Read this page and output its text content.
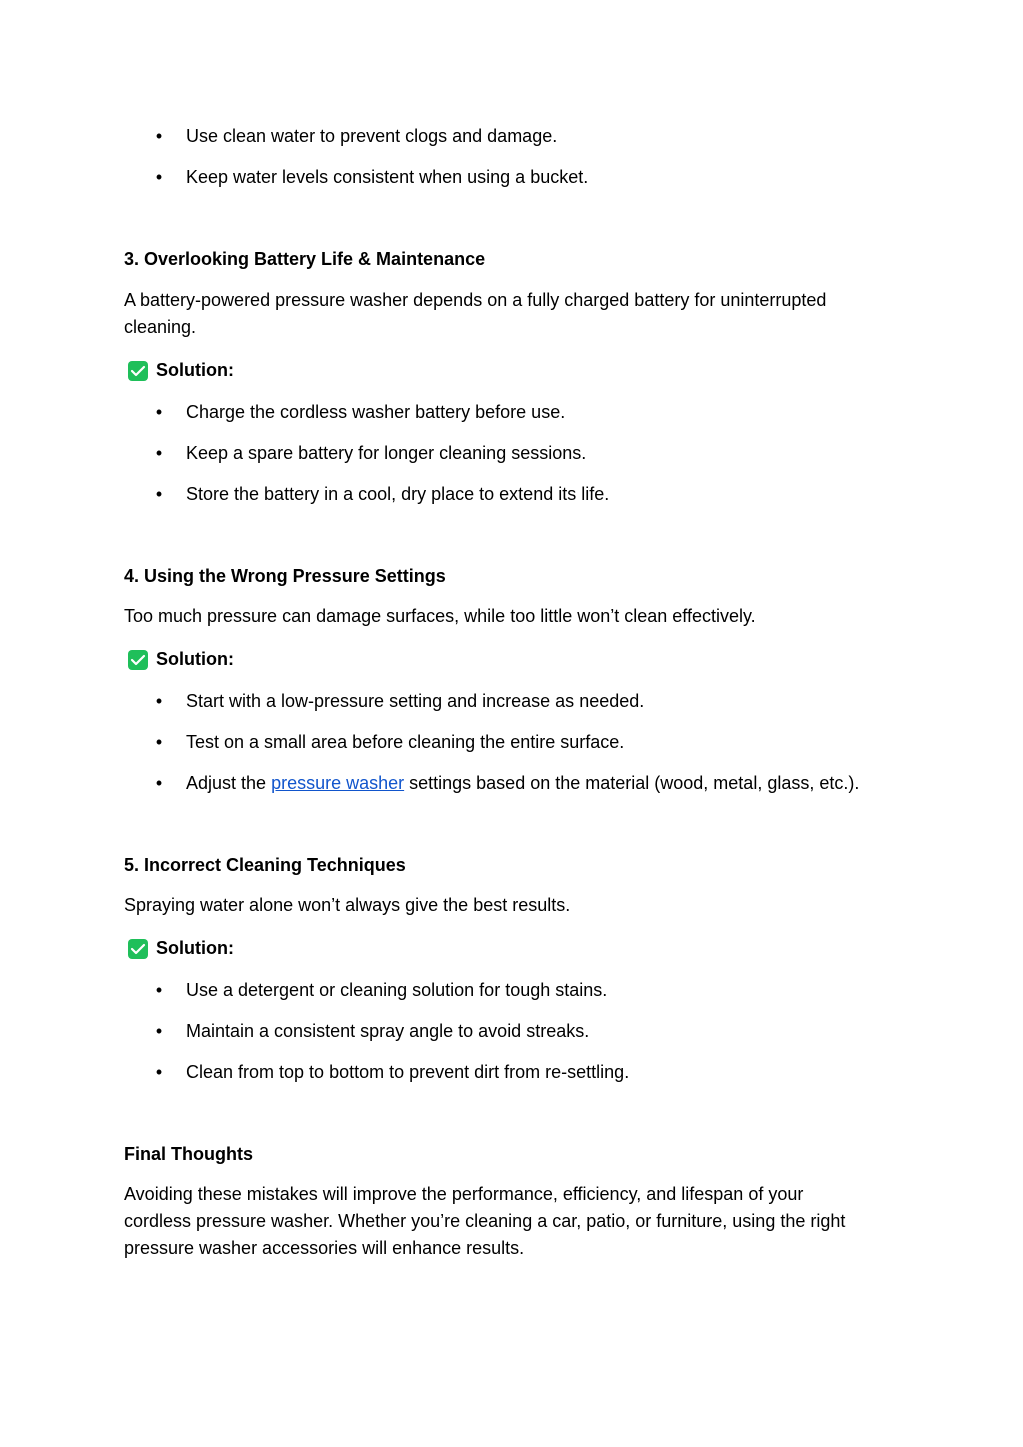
• Use clean water to prevent clogs and damage.
• Keep water levels consistent when using a bucket.
3. Overlooking Battery Life & Maintenance
A battery-powered pressure washer depends on a fully charged battery for uninterrupted
cleaning.
Solution:
• Charge the cordless washer battery before use.
• Keep a spare battery for longer cleaning sessions.
• Store the battery in a cool, dry place to extend its life.
4. Using the Wrong Pressure Settings
Too much pressure can damage surfaces, while too little won’t clean effectively.
Solution:
• Start with a low-pressure setting and increase as needed.
• Test on a small area before cleaning the entire surface.
• Adjust the pressure washer settings based on the material (wood, metal, glass, etc.).
5. Incorrect Cleaning Techniques
Spraying water alone won’t always give the best results.
Solution:
• Use a detergent or cleaning solution for tough stains.
• Maintain a consistent spray angle to avoid streaks.
• Clean from top to bottom to prevent dirt from re-settling.
Final Thoughts
Avoiding these mistakes will improve the performance, efficiency, and lifespan of your
cordless pressure washer. Whether you’re cleaning a car, patio, or furniture, using the right
pressure washer accessories will enhance results.
